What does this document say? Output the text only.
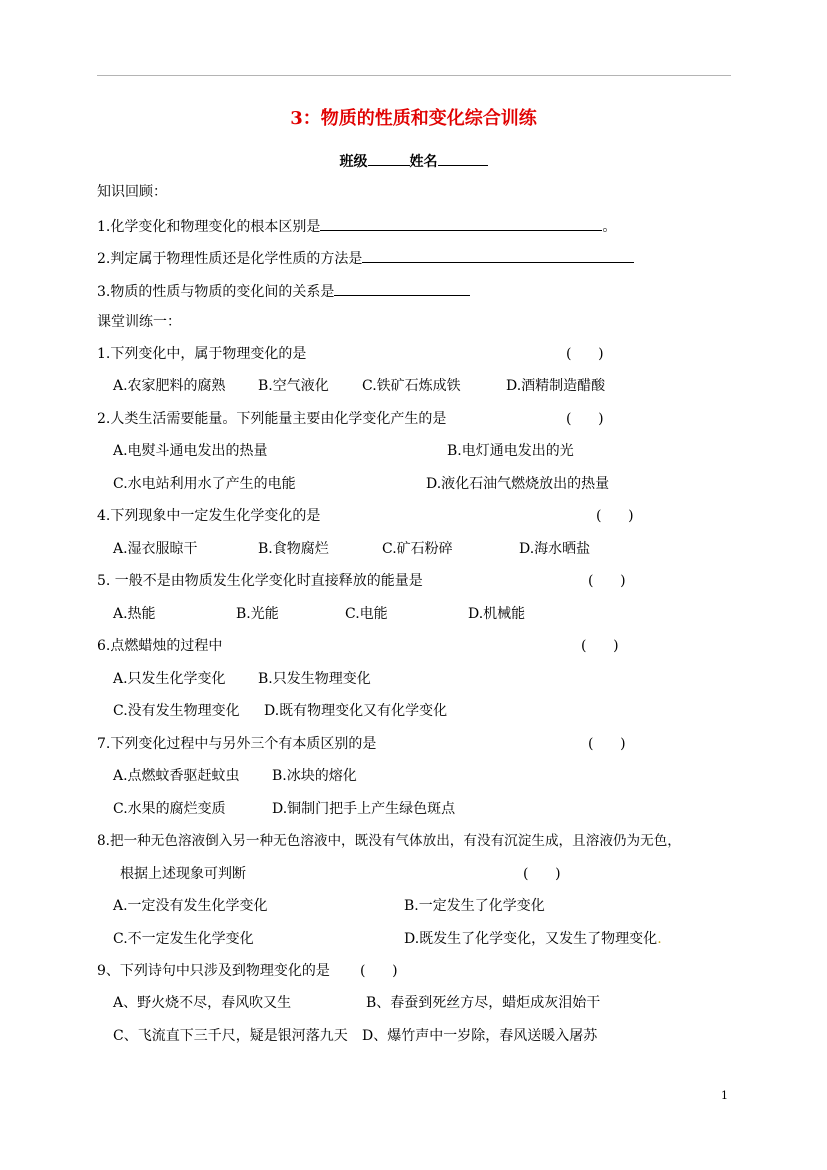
3：物质的性质和变化综合训练
班级	姓名
知识回顾：
1.化学变化和物理变化的根本区别是	。
2.判定属于物理性质还是化学性质的方法是
3.物质的性质与物质的变化间的关系是
课堂训练一：
1.下列变化中，属于物理变化的是	(      )
A.农家肥料的腐熟 B.空气液化 C.铁矿石炼成铁	D.酒精制造醋酸
2.人类生活需要能量。下列能量主要由化学变化产生的是	(      )
A.电熨斗通电发出的热量	B.电灯通电发出的光
C.水电站利用水了产生的电能	D.液化石油气燃烧放出的热量
4.下列现象中一定发生化学变化的是	(      )
A.湿衣服晾干	B.食物腐烂	C.矿石粉碎	D.海水晒盐
5. 一般不是由物质发生化学变化时直接释放的能量是	(      )
A.热能	B.光能	C.电能	D.机械能
6.点燃蜡烛的过程中	(      )
A.只发生化学变化 B.只发生物理变化
C.没有发生物理变化 D.既有物理变化又有化学变化
7.下列变化过程中与另外三个有本质区别的是	(      )
A.点燃蚊香驱赶蚊虫 B.冰块的熔化
C.水果的腐烂变质	D.铜制门把手上产生绿色斑点
8.把一种无色溶液倒入另一种无色溶液中，既没有气体放出，有没有沉淀生成，且溶液仍为无色，
根据上述现象可判断	(      )
A.一定没有发生化学变化	B.一定发生了化学变化
C.不一定发生化学变化	D.既发生了化学变化，又发生了物理变化.
9、下列诗句中只涉及到物理变化的是 (      )
A、野火烧不尽，春风吹又生	B、春蚕到死丝方尽，蜡炬成灰泪始干
C、飞流直下三千尺，疑是银河落九天 D、爆竹声中一岁除，春风送暖入屠苏
1
